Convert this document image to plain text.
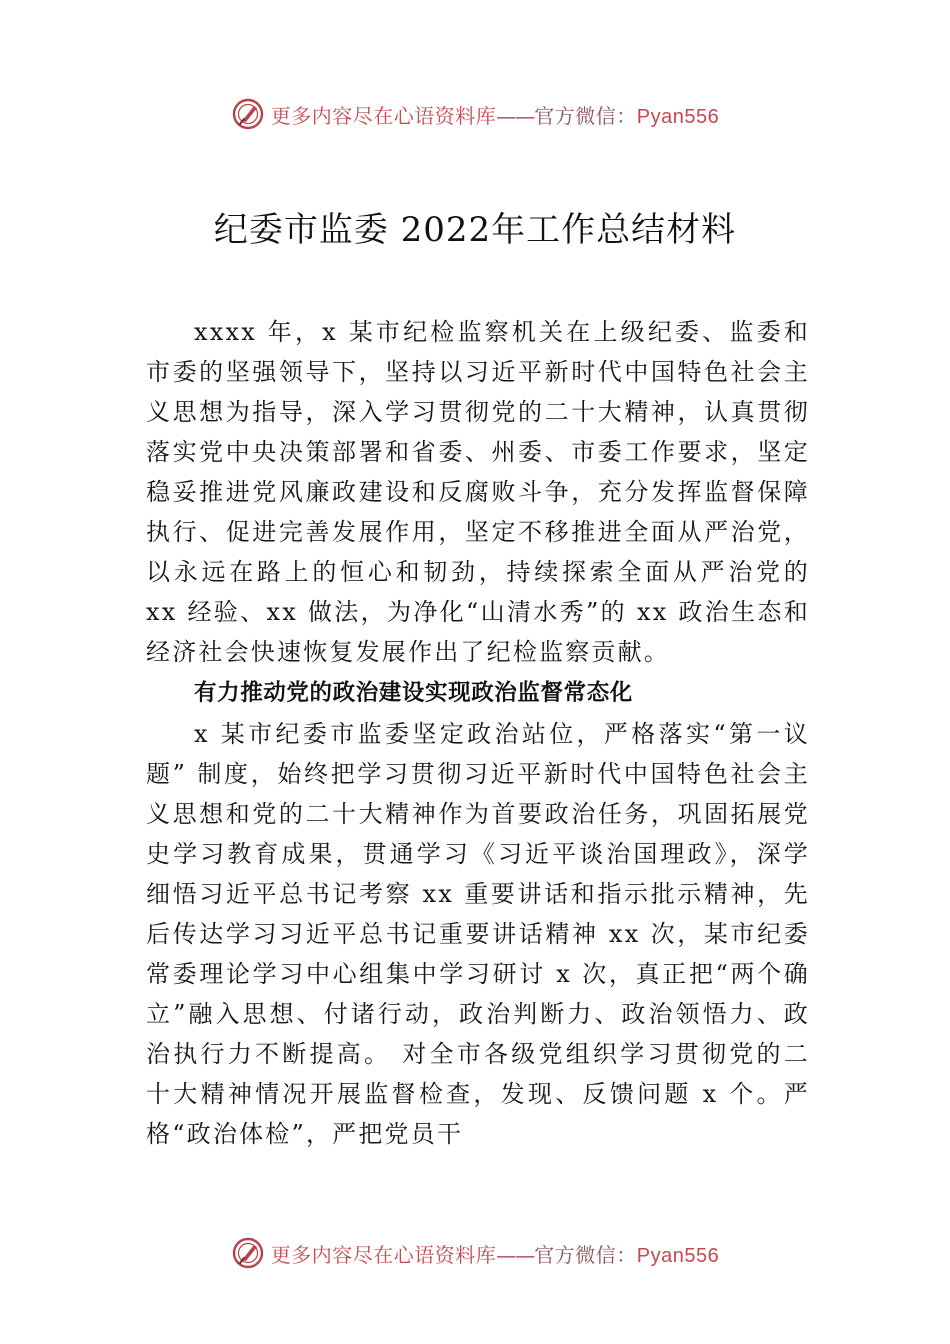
更多内容尽在心语资料库——官方微信：Pyan556
纪委市监委 2022年工作总结材料

xxxx 年，x 某市纪检监察机关在上级纪委、监委和市委的坚强领导下，坚持以习近平新时代中国特色社会主义思想为指导，深入学习贯彻党的二十大精神，认真贯彻落实党中央决策部署和省委、州委、市委工作要求，坚定稳妥推进党风廉政建设和反腐败斗争，充分发挥监督保障执行、促进完善发展作用，坚定不移推进全面从严治党，以永远在路上的恒心和韧劲，持续探索全面从严治党的 xx 经验、xx 做法，为净化“山清水秀”的 xx 政治生态和经济社会快速恢复发展作出了纪检监察贡献。

有力推动党的政治建设实现政治监督常态化

x 某市纪委市监委坚定政治站位，严格落实“第一议题” 制度，始终把学习贯彻习近平新时代中国特色社会主义思想和党的二十大精神作为首要政治任务，巩固拓展党史学习教育成果，贯通学习《习近平谈治国理政》，深学细悟习近平总书记考察 xx 重要讲话和指示批示精神，先后传达学习习近平总书记重要讲话精神 xx 次，某市纪委常委理论学习中心组集中学习研讨 x 次，真正把“两个确立”融入思想、付诸行动，政治判断力、政治领悟力、政治执行力不断提高。 对全市各级党组织学习贯彻党的二十大精神情况开展监督检查，发现、反馈问题 x 个。严格“政治体检”，严把党员干

更多内容尽在心语资料库——官方微信：Pyan556
